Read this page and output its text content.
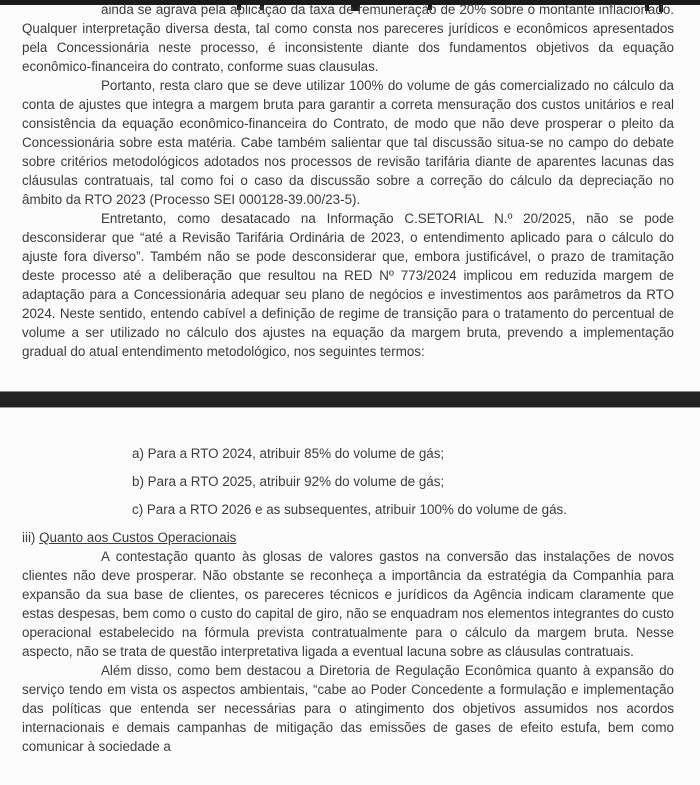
ainda se agrava pela aplicação da taxa de remuneração de 20% sobre o montante inflacionado. Qualquer interpretação diversa desta, tal como consta nos pareceres jurídicos e econômicos apresentados pela Concessionária neste processo, é inconsistente diante dos fundamentos objetivos da equação econômico-financeira do contrato, conforme suas clausulas.

Portanto, resta claro que se deve utilizar 100% do volume de gás comercializado no cálculo da conta de ajustes que integra a margem bruta para garantir a correta mensuração dos custos unitários e real consistência da equação econômico-financeira do Contrato, de modo que não deve prosperar o pleito da Concessionária sobre esta matéria. Cabe também salientar que tal discussão situa-se no campo do debate sobre critérios metodológicos adotados nos processos de revisão tarifária diante de aparentes lacunas das cláusulas contratuais, tal como foi o caso da discussão sobre a correção do cálculo da depreciação no âmbito da RTO 2023 (Processo SEI 000128-39.00/23-5).

Entretanto, como desatacado na Informação C.SETORIAL N.º 20/2025, não se pode desconsiderar que “até a Revisão Tarifária Ordinária de 2023, o entendimento aplicado para o cálculo do ajuste fora diverso”. Também não se pode desconsiderar que, embora justificável, o prazo de tramitação deste processo até a deliberação que resultou na RED Nº 773/2024 implicou em reduzida margem de adaptação para a Concessionária adequar seu plano de negócios e investimentos aos parâmetros da RTO 2024. Neste sentido, entendo cabível a definição de regime de transição para o tratamento do percentual de volume a ser utilizado no cálculo dos ajustes na equação da margem bruta, prevendo a implementação gradual do atual entendimento metodológico, nos seguintes termos:

a) Para a RTO 2024, atribuir 85% do volume de gás;

b) Para a RTO 2025, atribuir 92% do volume de gás;

c) Para a RTO 2026 e as subsequentes, atribuir 100% do volume de gás.

iii) Quanto aos Custos Operacionais

A contestação quanto às glosas de valores gastos na conversão das instalações de novos clientes não deve prosperar. Não obstante se reconheça a importância da estratégia da Companhia para expansão da sua base de clientes, os pareceres técnicos e jurídicos da Agência indicam claramente que estas despesas, bem como o custo do capital de giro, não se enquadram nos elementos integrantes do custo operacional estabelecido na fórmula prevista contratualmente para o cálculo da margem bruta. Nesse aspecto, não se trata de questão interpretativa ligada a eventual lacuna sobre as cláusulas contratuais.

Além disso, como bem destacou a Diretoria de Regulação Econômica quanto à expansão do serviço tendo em vista os aspectos ambientais, “cabe ao Poder Concedente a formulação e implementação das políticas que entenda ser necessárias para o atingimento dos objetivos assumidos nos acordos internacionais e demais campanhas de mitigação das emissões de gases de efeito estufa, bem como comunicar à sociedade a
